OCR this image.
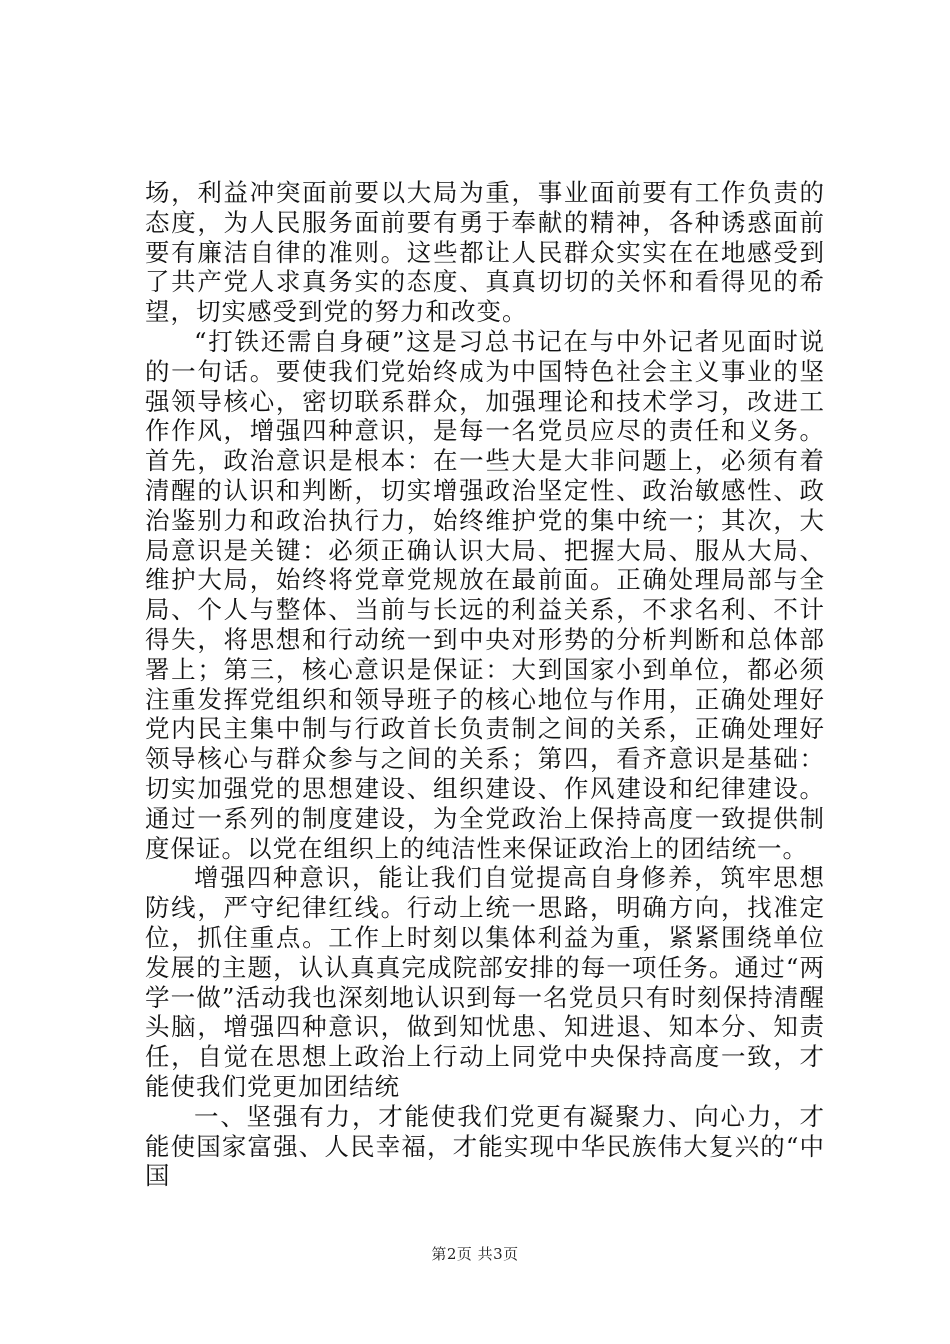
场，利益冲突面前要以大局为重，事业面前要有工作负责的态度，为人民服务面前要有勇于奉献的精神，各种诱惑面前要有廉洁自律的准则。这些都让人民群众实实在在地感受到了共产党人求真务实的态度、真真切切的关怀和看得见的希望，切实感受到党的努力和改变。

“打铁还需自身硬”这是习总书记在与中外记者见面时说的一句话。要使我们党始终成为中国特色社会主义事业的坚强领导核心，密切联系群众，加强理论和技术学习，改进工作作风，增强四种意识，是每一名党员应尽的责任和义务。首先，政治意识是根本：在一些大是大非问题上，必须有着清醒的认识和判断，切实增强政治坚定性、政治敏感性、政治鉴别力和政治执行力，始终维护党的集中统一；其次，大局意识是关键：必须正确认识大局、把握大局、服从大局、维护大局，始终将党章党规放在最前面。正确处理局部与全局、个人与整体、当前与长远的利益关系，不求名利、不计得失，将思想和行动统一到中央对形势的分析判断和总体部署上；第三，核心意识是保证：大到国家小到单位，都必须注重发挥党组织和领导班子的核心地位与作用，正确处理好党内民主集中制与行政首长负责制之间的关系，正确处理好领导核心与群众参与之间的关系；第四，看齐意识是基础：切实加强党的思想建设、组织建设、作风建设和纪律建设。通过一系列的制度建设，为全党政治上保持高度一致提供制度保证。以党在组织上的纯洁性来保证政治上的团结统一。

增强四种意识，能让我们自觉提高自身修养，筑牢思想防线，严守纪律红线。行动上统一思路，明确方向，找准定位，抓住重点。工作上时刻以集体利益为重，紧紧围绕单位发展的主题，认认真真完成院部安排的每一项任务。通过“两学一做”活动我也深刻地认识到每一名党员只有时刻保持清醒头脑，增强四种意识，做到知忧患、知进退、知本分、知责任，自觉在思想上政治上行动上同党中央保持高度一致，才能使我们党更加团结统

一、坚强有力，才能使我们党更有凝聚力、向心力，才能使国家富强、人民幸福，才能实现中华民族伟大复兴的“中国

第2页 共3页
